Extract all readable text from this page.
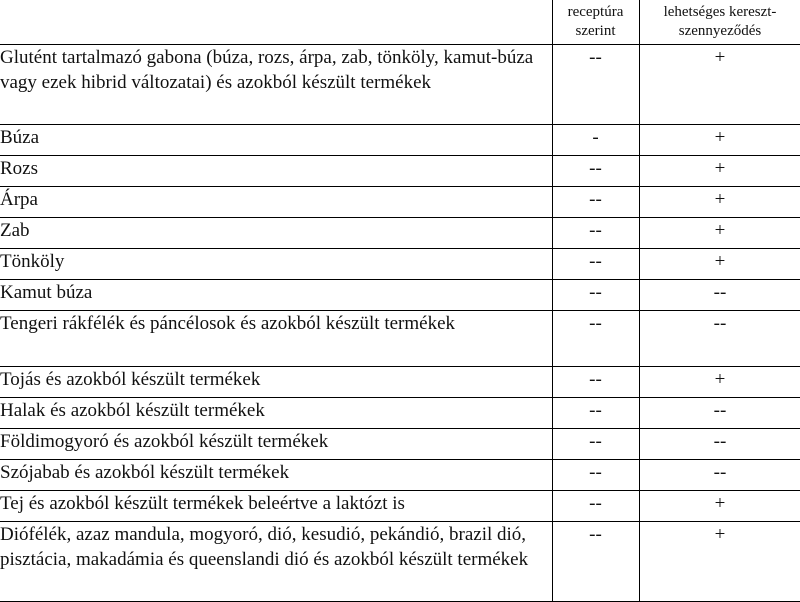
	receptúra szerint	lehetséges kereszt-szennyeződés
Glutént tartalmazó gabona (búza, rozs, árpa, zab, tönköly, kamut-búza vagy ezek hibrid változatai) és azokból készült termékek	--	+
Búza	-	+
Rozs	--	+
Árpa	--	+
Zab	--	+
Tönköly	--	+
Kamut búza	--	--
Tengeri rákfélék és páncélosok és azokból készült termékek	--	--
Tojás és azokból készült termékek	--	+
Halak és azokból készült termékek	--	--
Földimogyoró és azokból készült termékek	--	--
Szójabab és azokból készült termékek	--	--
Tej és azokból készült termékek beleértve a laktózt is	--	+
Diófélék, azaz mandula, mogyoró, dió, kesudió, pekándió, brazil dió, pisztácia, makadámia és queenslandi dió és azokból készült termékek	--	+
